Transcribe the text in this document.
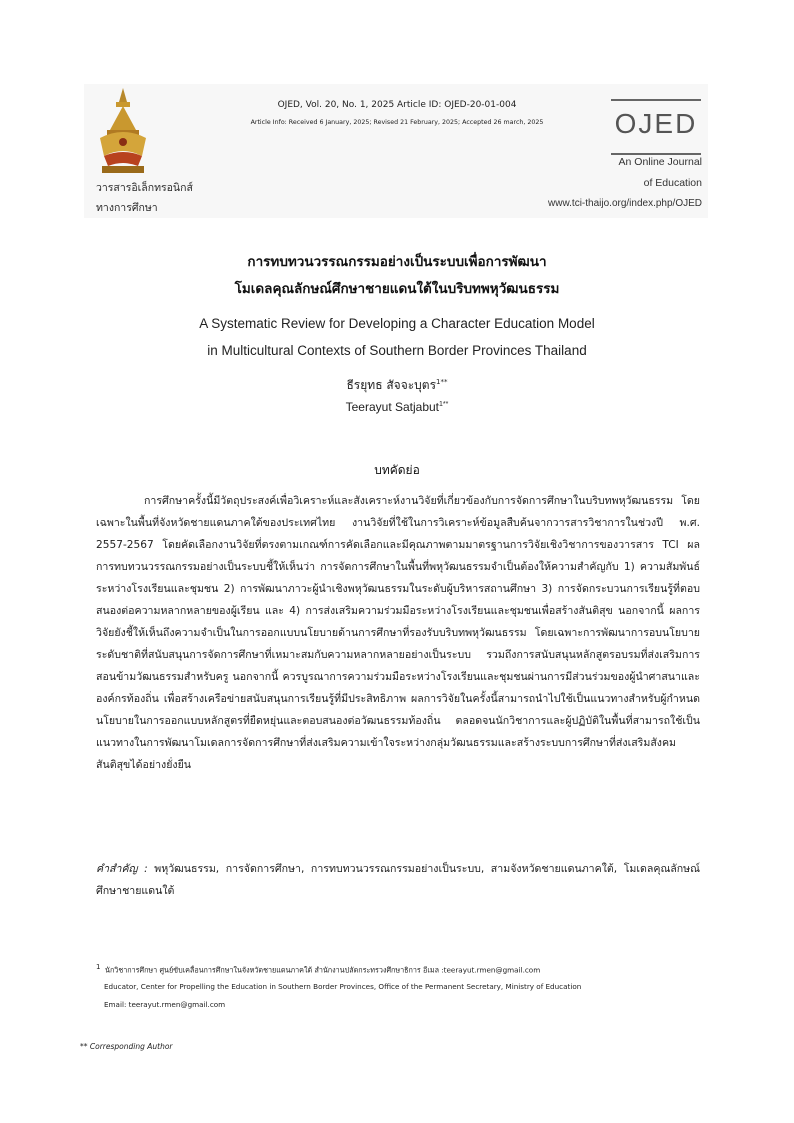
วารสารอิเล็กทรอนิกส์
ทางการศึกษา
OJED, Vol. 20, No. 1, 2025 Article ID: OJED-20-01-004
Article Info: Received 6 January, 2025; Revised 21 February, 2025; Accepted 26 march, 2025	OJED
An Online Journal
of Education
www.tci-thaijo.org/index.php/OJED
การทบทวนวรรณกรรมอย่างเป็นระบบเพื่อการพัฒนา
โมเดลคุณลักษณ์ศึกษาชายแดนใต้ในบริบทพหุวัฒนธรรม
A Systematic Review for Developing a Character Education Model
in Multicultural Contexts of Southern Border Provinces Thailand
ธีรยุทธ สัจจะบุตร$^{1**}$
Teerayut Satjabut$^{1**}$
บทคัดย่อ
การศึกษาครั้งนี้มีวัตถุประสงค์เพื่อวิเคราะห์และสังเคราะห์งานวิจัยที่เกี่ยวข้องกับการจัดการศึกษาในบริบทพหุวัฒนธรรม โดยเฉพาะในพื้นที่จังหวัดชายแดนภาคใต้ของประเทศไทย งานวิจัยที่ใช้ในการวิเคราะห์ข้อมูลสืบค้นจากวารสารวิชาการในช่วงปี พ.ศ. 2557-2567 โดยคัดเลือกงานวิจัยที่ตรงตามเกณฑ์การคัดเลือกและมีคุณภาพตามมาตรฐานการวิจัยเชิงวิชาการของวารสาร TCI ผลการทบทวนวรรณกรรมอย่างเป็นระบบชี้ให้เห็นว่า การจัดการศึกษาในพื้นที่พหุวัฒนธรรมจำเป็นต้องให้ความสำคัญกับ 1) ความสัมพันธ์ระหว่างโรงเรียนและชุมชน 2) การพัฒนาภาวะผู้นำเชิงพหุวัฒนธรรมในระดับผู้บริหารสถานศึกษา 3) การจัดกระบวนการเรียนรู้ที่ตอบสนองต่อความหลากหลายของผู้เรียน และ 4) การส่งเสริมความร่วมมือระหว่างโรงเรียนและชุมชนเพื่อสร้างสันติสุข นอกจากนี้ ผลการวิจัยยังชี้ให้เห็นถึงความจำเป็นในการออกแบบนโยบายด้านการศึกษาที่รองรับบริบทพหุวัฒนธรรม โดยเฉพาะการพัฒนาการอบนโยบายระดับชาติที่สนับสนุนการจัดการศึกษาที่เหมาะสมกับความหลากหลายอย่างเป็นระบบ รวมถึงการสนับสนุนหลักสูตรอบรมที่ส่งเสริมการสอนข้ามวัฒนธรรมสำหรับครู นอกจากนี้ ควรบูรณาการความร่วมมือระหว่างโรงเรียนและชุมชนผ่านการมีส่วนร่วมของผู้นำศาสนาและองค์กรท้องถิ่น เพื่อสร้างเครือข่ายสนับสนุนการเรียนรู้ที่มีประสิทธิภาพ ผลการวิจัยในครั้งนี้สามารถนำไปใช้เป็นแนวทางสำหรับผู้กำหนดนโยบายในการออกแบบหลักสูตรที่ยืดหยุ่นและตอบสนองต่อวัฒนธรรมท้องถิ่น ตลอดจนนักวิชาการและผู้ปฏิบัติในพื้นที่สามารถใช้เป็นแนวทางในการพัฒนาโมเดลการจัดการศึกษาที่ส่งเสริมความเข้าใจระหว่างกลุ่มวัฒนธรรมและสร้างระบบการศึกษาที่ส่งเสริมสังคมสันติสุขได้อย่างยั่งยืน
คำสำคัญ : พหุวัฒนธรรม, การจัดการศึกษา, การทบทวนวรรณกรรมอย่างเป็นระบบ, สามจังหวัดชายแดนภาคใต้, โมเดลคุณลักษณ์ศึกษาชายแดนใต้
$^1$ นักวิชาการศึกษา ศูนย์ขับเคลื่อนการศึกษาในจังหวัดชายแดนภาคใต้ สำนักงานปลัดกระทรวงศึกษาธิการ อีเมล :teerayut.rmen@gmail.com
Educator, Center for Propelling the Education in Southern Border Provinces, Office of the Permanent Secretary, Ministry of Education
Email: teerayut.rmen@gmail.com
** Corresponding Author
